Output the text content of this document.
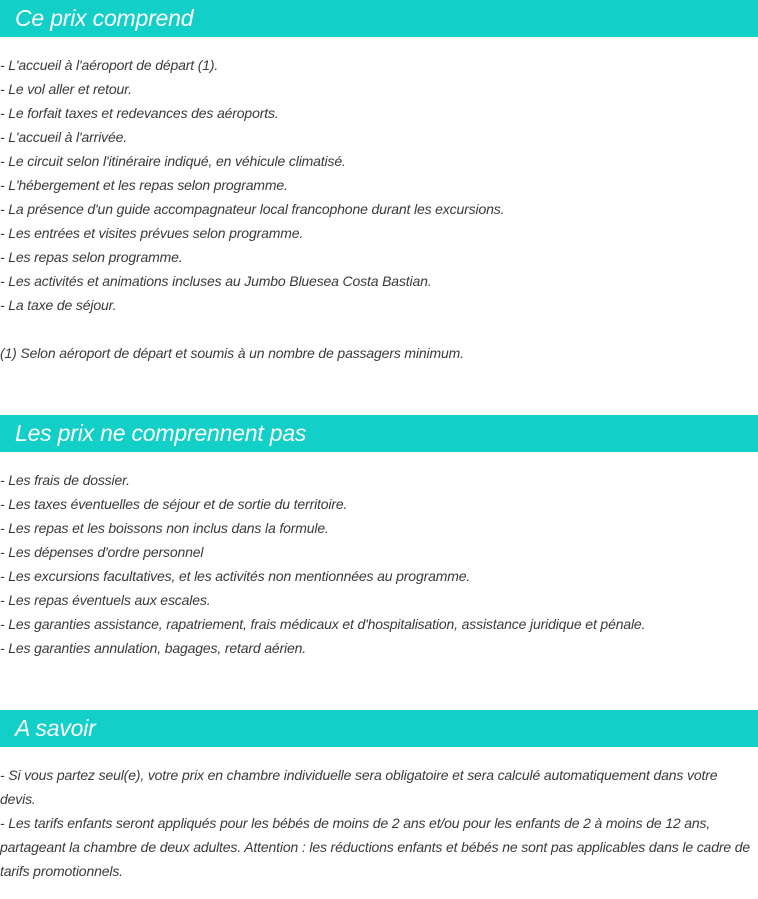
Ce prix comprend
- L'accueil à l'aéroport de départ (1).
- Le vol aller et retour.
- Le forfait taxes et redevances des aéroports.
- L'accueil à l'arrivée.
- Le circuit selon l'itinéraire indiqué, en véhicule climatisé.
- L'hébergement et les repas selon programme.
- La présence d'un guide accompagnateur local francophone durant les excursions.
- Les entrées et visites prévues selon programme.
- Les repas selon programme.
- Les activités et animations incluses au Jumbo Bluesea Costa Bastian.
- La taxe de séjour.
(1) Selon aéroport de départ et soumis à un nombre de passagers minimum.
Les prix ne comprennent pas
- Les frais de dossier.
- Les taxes éventuelles de séjour et de sortie du territoire.
- Les repas et les boissons non inclus dans la formule.
- Les dépenses d'ordre personnel
- Les excursions facultatives, et les activités non mentionnées au programme.
- Les repas éventuels aux escales.
- Les garanties assistance, rapatriement, frais médicaux et d'hospitalisation, assistance juridique et pénale.
- Les garanties annulation, bagages, retard aérien.
A savoir

- Si vous partez seul(e), votre prix en chambre individuelle sera obligatoire et sera calculé automatiquement dans votre devis.

- Les tarifs enfants seront appliqués pour les bébés de moins de 2 ans et/ou pour les enfants de 2 à moins de 12 ans, partageant la chambre de deux adultes. Attention : les réductions enfants et bébés ne sont pas applicables dans le cadre de tarifs promotionnels.
